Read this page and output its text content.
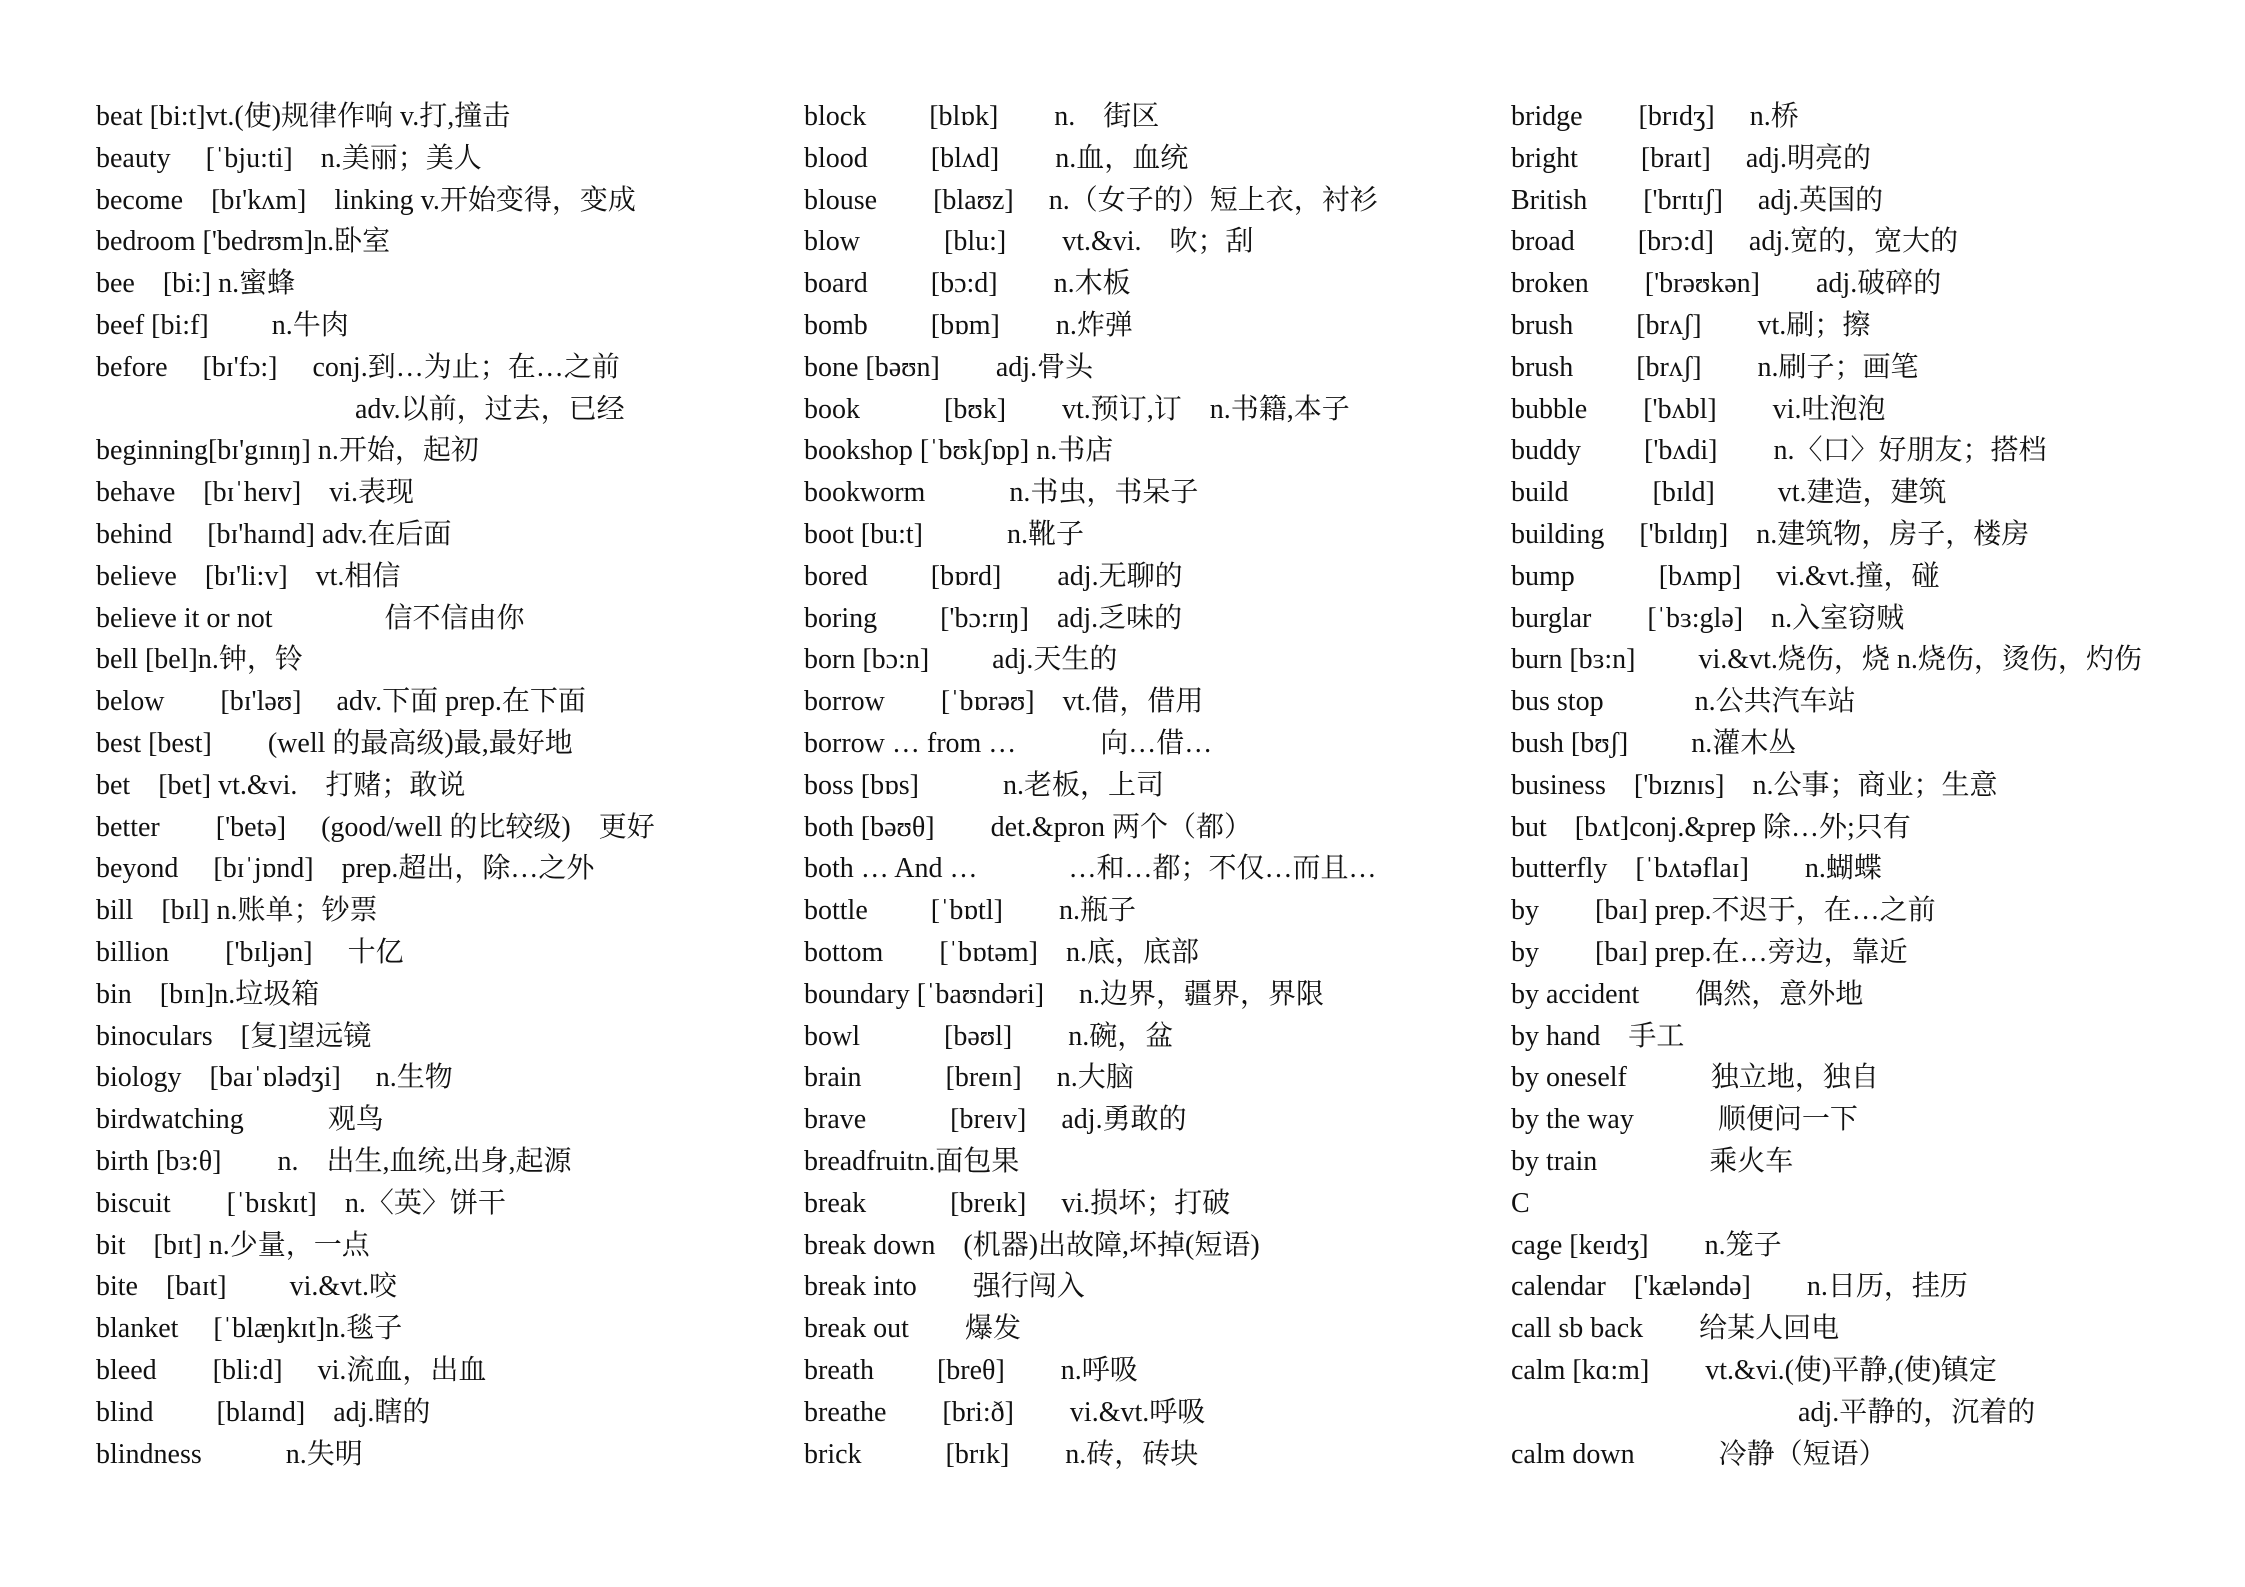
beat [bi:t]vt.(使)规律作响 v.打,撞击
beauty　 [ˈbju:ti]　n.美丽；美人
become　[bɪ'kʌm]　linking v.开始变得，变成
bedroom ['bedrʊm]n.卧室
bee　[bi:] n.蜜蜂
beef [bi:f]　　 n.牛肉
before　 [bɪ'fɔ:]　 conj.到…为止；在…之前
　　　　　　　　　 adv.以前，过去，已经
beginning[bɪ'gɪnɪŋ] n.开始，起初
behave　[bɪˈheɪv]　vi.表现
behind　 [bɪ'haɪnd] adv.在后面
believe　[bɪ'li:v]　vt.相信
believe it or not　　　　信不信由你
bell [bel]n.钟，铃
below　　[bɪ'ləʊ]　 adv.下面 prep.在下面
best [best]　　(well 的最高级)最,最好地
bet　[bet] vt.&vi.　打赌；敢说
better　　['betə]　 (good/well 的比较级)　更好
beyond　 [bɪˈjɒnd]　prep.超出，除…之外
bill　[bɪl] n.账单；钞票
billion　　['bɪljən]　 十亿
bin　[bɪn]n.垃圾箱
binoculars　[复]望远镜
biology　[baɪˈɒlədʒi]　 n.生物
birdwatching　　　观鸟
birth [bɜ:θ]　　n.　出生,血统,出身,起源
biscuit　　[ˈbɪskɪt]　n.〈英〉饼干
bit　[bɪt] n.少量，一点
bite　[baɪt]　　 vi.&vt.咬
blanket　 [ˈblæŋkɪt]n.毯子
bleed　　[bli:d]　 vi.流血，出血
blind　　 [blaɪnd]　adj.瞎的
blindness　　　n.失明
block　　 [blɒk]　　n.　街区
blood　　 [blʌd]　　n.血，血统
blouse　　[blaʊz]　 n.（女子的）短上衣，衬衫
blow　　　[blu:]　　vt.&vi.　吹；刮
board　　 [bɔ:d]　　n.木板
bomb　　 [bɒm]　　n.炸弹
bone [bəʊn]　　adj.骨头
book　　　[bʊk]　　vt.预订,订　n.书籍,本子
bookshop [ˈbʊkʃɒp] n.书店
bookworm　　　n.书虫，书呆子
boot [bu:t]　　　n.靴子
bored　　 [bɒrd]　　adj.无聊的
boring　　 ['bɔ:rɪŋ]　adj.乏味的
born [bɔ:n]　　 adj.天生的
borrow　　[ˈbɒrəʊ]　vt.借，借用
borrow … from …　　　向…借…
boss [bɒs]　　　n.老板，上司
both [bəʊθ]　　det.&pron 两个（都）
both … And …　　　 …和…都；不仅…而且…
bottle　　 [ˈbɒtl]　　n.瓶子
bottom　　[ˈbɒtəm]　n.底，底部
boundary [ˈbaʊndəri]　 n.边界，疆界，界限
bowl　　　[bəʊl]　　n.碗，盆
brain　　　[breɪn]　 n.大脑
brave　　　[breɪv]　 adj.勇敢的
breadfruitn.面包果
break　　　[breɪk]　 vi.损坏；打破
break down　(机器)出故障,坏掉(短语)
break into　　强行闯入
break out　　爆发
breath　　 [breθ]　　n.呼吸
breathe　　[bri:ð]　　vi.&vt.呼吸
brick　　　[brɪk]　　n.砖，砖块
bridge　　[brɪdʒ]　 n.桥
bright　　 [braɪt]　 adj.明亮的
British　　['brɪtɪʃ]　 adj.英国的
broad　　 [brɔ:d]　 adj.宽的，宽大的
broken　　['brəʊkən]　　adj.破碎的
brush　　 [brʌʃ]　　vt.刷；擦
brush　　 [brʌʃ]　　n.刷子；画笔
bubble　　['bʌbl]　　vi.吐泡泡
buddy　　 ['bʌdi]　　n.〈口〉好朋友；搭档
build　　　[bɪld]　　 vt.建造，建筑
building　 ['bɪldɪŋ]　n.建筑物，房子，楼房
bump　　　[bʌmp]　 vi.&vt.撞，碰
burglar　　[ˈbɜ:glə]　n.入室窃贼
burn [bɜ:n]　　 vi.&vt.烧伤，烧 n.烧伤，烫伤，灼伤
bus stop　　　 n.公共汽车站
bush [bʊʃ]　　 n.灌木丛
business　['bɪznɪs]　n.公事；商业；生意
but　[bʌt]conj.&prep 除…外;只有
butterfly　[ˈbʌtəflaɪ]　　n.蝴蝶
by　　[baɪ] prep.不迟于，在…之前
by　　[baɪ] prep.在…旁边，靠近
by accident　　偶然，意外地
by hand　手工
by oneself　　　独立地，独自
by the way　　　顺便问一下
by train　　　　乘火车
C
cage [keɪdʒ]　　n.笼子
calendar　['kæləndə]　　n.日历，挂历
call sb back　　给某人回电
calm [kɑ:m]　　vt.&vi.(使)平静,(使)镇定
　　　　　　　　　　 adj.平静的，沉着的
calm down　　　冷静（短语）
